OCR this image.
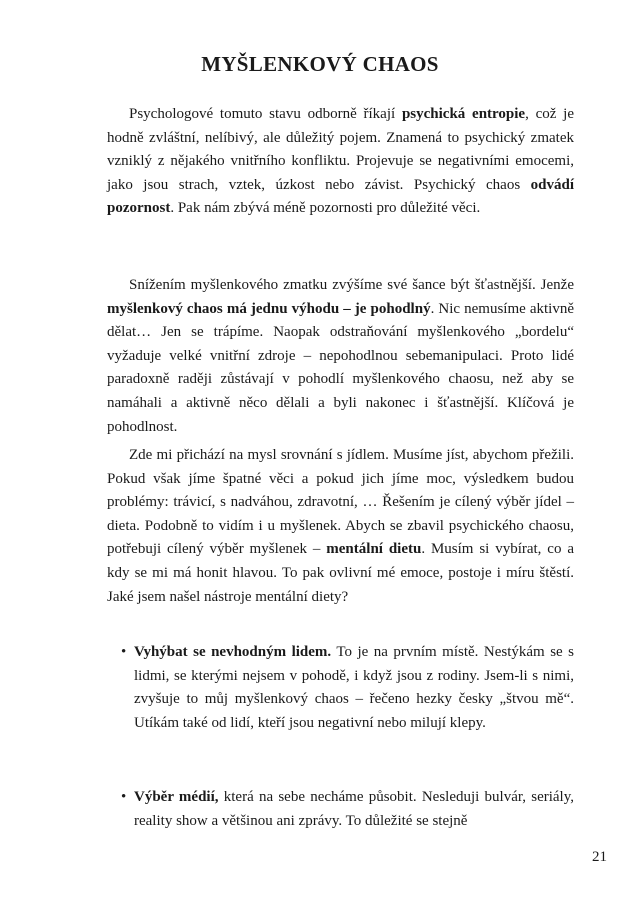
MYŠLENKOVÝ CHAOS

Psychologové tomuto stavu odborně říkají psychická entropie, což je hodně zvláštní, nelíbivý, ale důležitý pojem. Znamená to psychický zmatek vzniklý z nějakého vnitřního konfliktu. Projevuje se negativními emocemi, jako jsou strach, vztek, úzkost nebo závist. Psychický chaos odvádí pozornost. Pak nám zbývá méně pozornosti pro důležité věci.

Snížením myšlenkového zmatku zvýšíme své šance být šťastnější. Jenže myšlenkový chaos má jednu výhodu – je pohodlný. Nic nemusíme aktivně dělat… Jen se trápíme. Naopak odstraňování myšlenkového „bordelu“ vyžaduje velké vnitřní zdroje – nepohodlnou sebemanipulaci. Proto lidé paradoxně raději zůstávají v pohodlí myšlenkového chaosu, než aby se namáhali a aktivně něco dělali a byli nakonec i šťastnější. Klíčová je pohodlnost.

Zde mi přichází na mysl srovnání s jídlem. Musíme jíst, abychom přežili. Pokud však jíme špatné věci a pokud jich jíme moc, výsledkem budou problémy: trávicí, s nadváhou, zdravotní, … Řešením je cílený výběr jídel – dieta. Podobně to vidím i u myšlenek. Abych se zbavil psychického chaosu, potřebuji cílený výběr myšlenek – mentální dietu. Musím si vybírat, co a kdy se mi má honit hlavou. To pak ovlivní mé emoce, postoje i míru štěstí. Jaké jsem našel nástroje mentální diety?

• Vyhýbat se nevhodným lidem. To je na prvním místě. Nestýkám se s lidmi, se kterými nejsem v pohodě, i když jsou z rodiny. Jsem-li s nimi, zvyšuje to můj myšlenkový chaos – řečeno hezky česky „štvou mě“. Utíkám také od lidí, kteří jsou negativní nebo milují klepy.

• Výběr médií, která na sebe necháme působit. Nesleduji bulvár, seriály, reality show a většinou ani zprávy. To důležité se stejně

21
